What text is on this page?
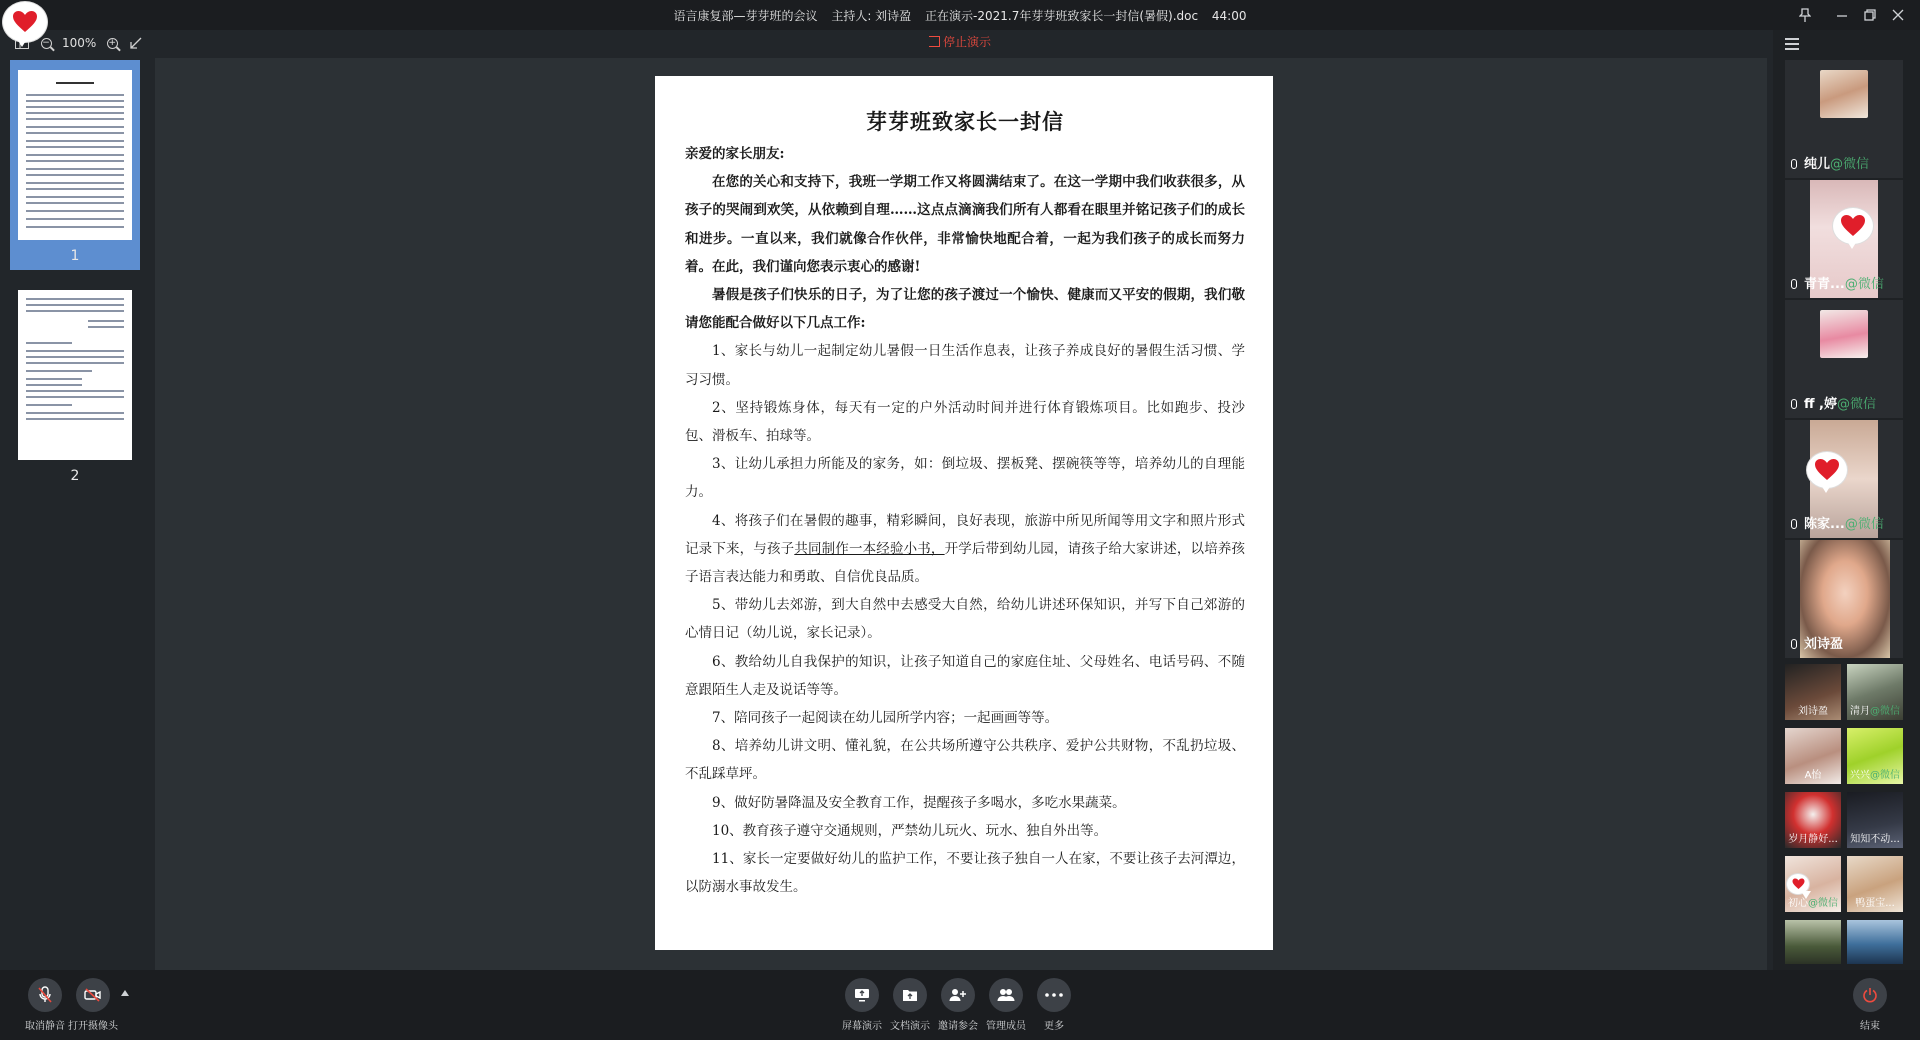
语言康复部—芽芽班的会议 主持人: 刘诗盈 正在演示-2021.7年芽芽班致家长一封信(暑假).doc 44:00
停止演示
− 100% +
1
2
芽芽班致家长一封信

亲爱的家长朋友:

在您的关心和支持下，我班一学期工作又将圆满结束了。在这一学期中我们收获很多，从孩子的哭闹到欢笑，从依赖到自理……这点点滴滴我们所有人都看在眼里并铭记孩子们的成长和进步。一直以来，我们就像合作伙伴，非常愉快地配合着，一起为我们孩子的成长而努力着。在此，我们谨向您表示衷心的感谢!

暑假是孩子们快乐的日子，为了让您的孩子渡过一个愉快、健康而又平安的假期，我们敬请您能配合做好以下几点工作:

1、家长与幼儿一起制定幼儿暑假一日生活作息表，让孩子养成良好的暑假生活习惯、学习习惯。

2、坚持锻炼身体，每天有一定的户外活动时间并进行体育锻炼项目。比如跑步、投沙包、滑板车、拍球等。

3、让幼儿承担力所能及的家务，如：倒垃圾、摆板凳、摆碗筷等等，培养幼儿的自理能力。

4、将孩子们在暑假的趣事，精彩瞬间，良好表现，旅游中所见所闻等用文字和照片形式记录下来，与孩子共同制作一本经验小书，开学后带到幼儿园，请孩子给大家讲述，以培养孩子语言表达能力和勇敢、自信优良品质。

5、带幼儿去郊游，到大自然中去感受大自然，给幼儿讲述环保知识，并写下自己郊游的心情日记（幼儿说，家长记录）。

6、教给幼儿自我保护的知识，让孩子知道自己的家庭住址、父母姓名、电话号码、不随意跟陌生人走及说话等等。

7、陪同孩子一起阅读在幼儿园所学内容；一起画画等等。

8、培养幼儿讲文明、懂礼貌，在公共场所遵守公共秩序、爱护公共财物，不乱扔垃圾、不乱踩草坪。

9、做好防暑降温及安全教育工作，提醒孩子多喝水，多吃水果蔬菜。

10、教育孩子遵守交通规则，严禁幼儿玩火、玩水、独自外出等。

11、家长一定要做好幼儿的监护工作，不要让孩子独自一人在家，不要让孩子去河潭边，以防溺水事故发生。

纯儿@微信
青青...@微信
ff ,婷@微信
陈家...@微信
刘诗盈
刘诗盈	清月@微信
A怡	兴兴@微信
岁月静好...	知知不动...
初心@微信	鸭蛋宝...
取消静音 打开摄像头	屏幕演示 文档演示 邀请参会 管理成员	更多	结束
